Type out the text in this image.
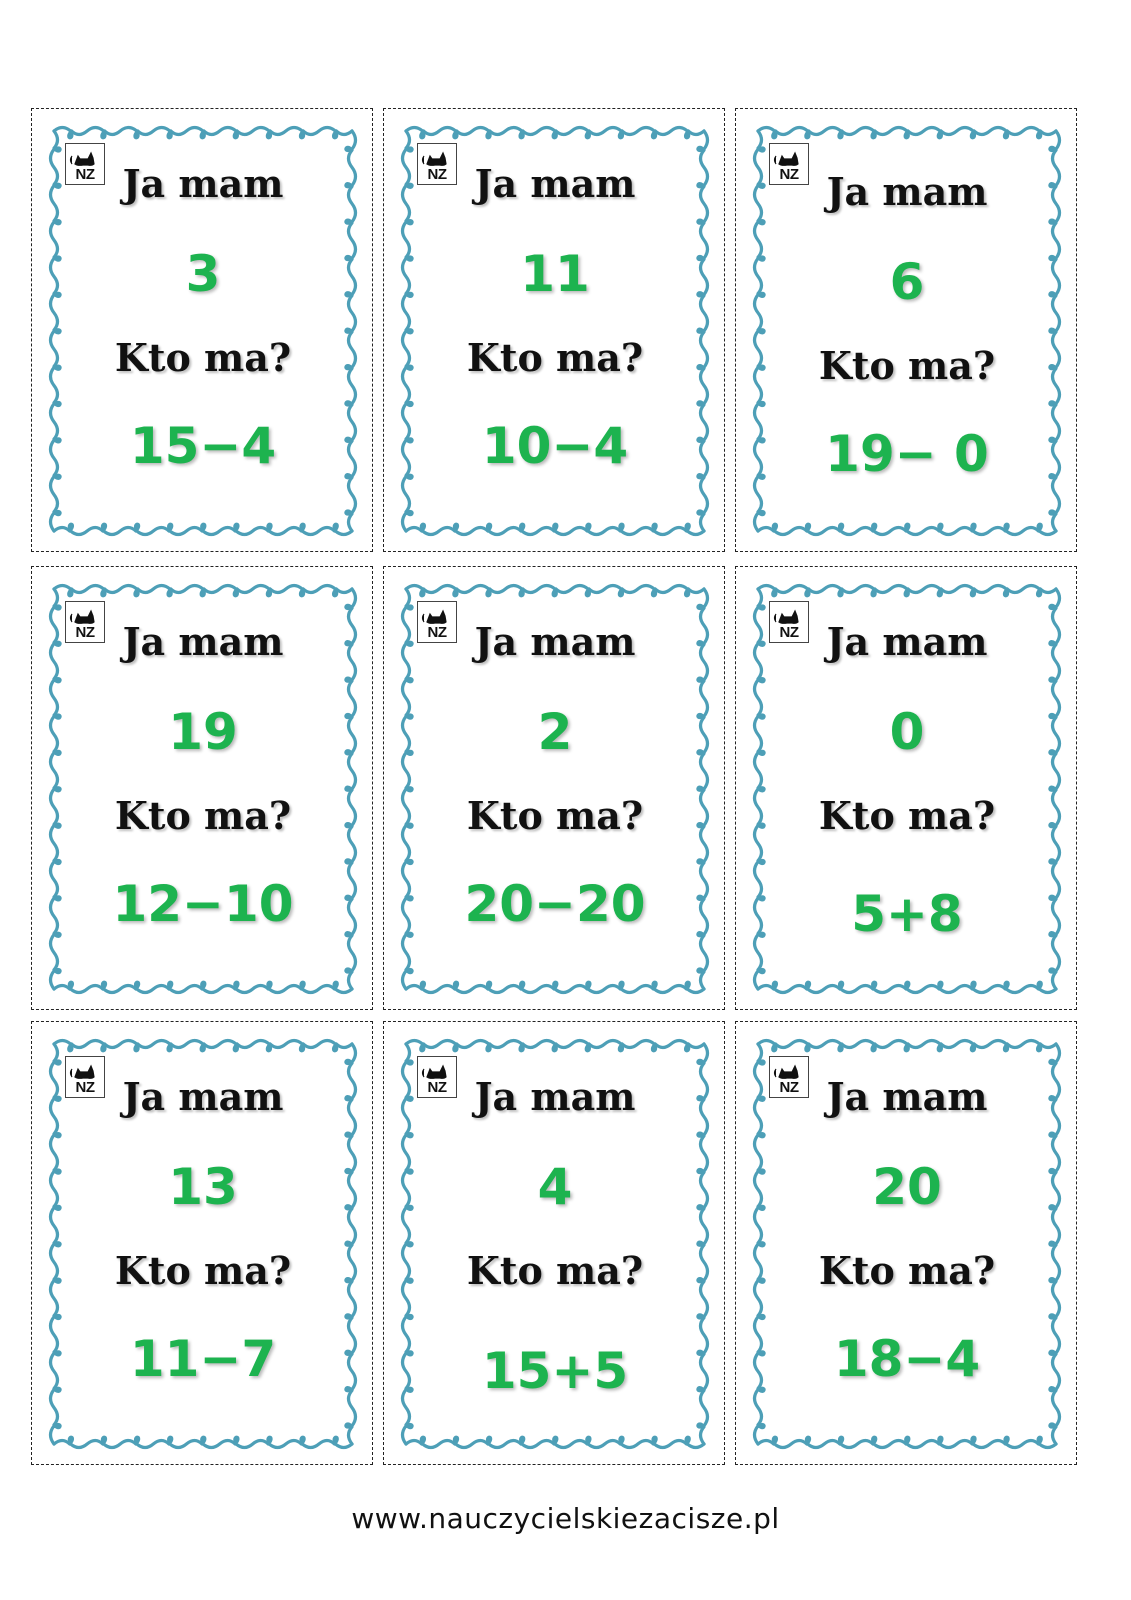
NZ Ja mam
3
Kto ma?
15−4
NZ Ja mam
11
Kto ma?
10−4
NZ Ja mam
6
Kto ma?
19− 0
NZ Ja mam
19
Kto ma?
12−10
NZ Ja mam
2
Kto ma?
20−20
NZ Ja mam
0
Kto ma?
5+8
NZ Ja mam
13
Kto ma?
11−7
NZ Ja mam
4
Kto ma?
15+5
NZ Ja mam
20
Kto ma?
18−4
www.nauczycielskiezacisze.pl
